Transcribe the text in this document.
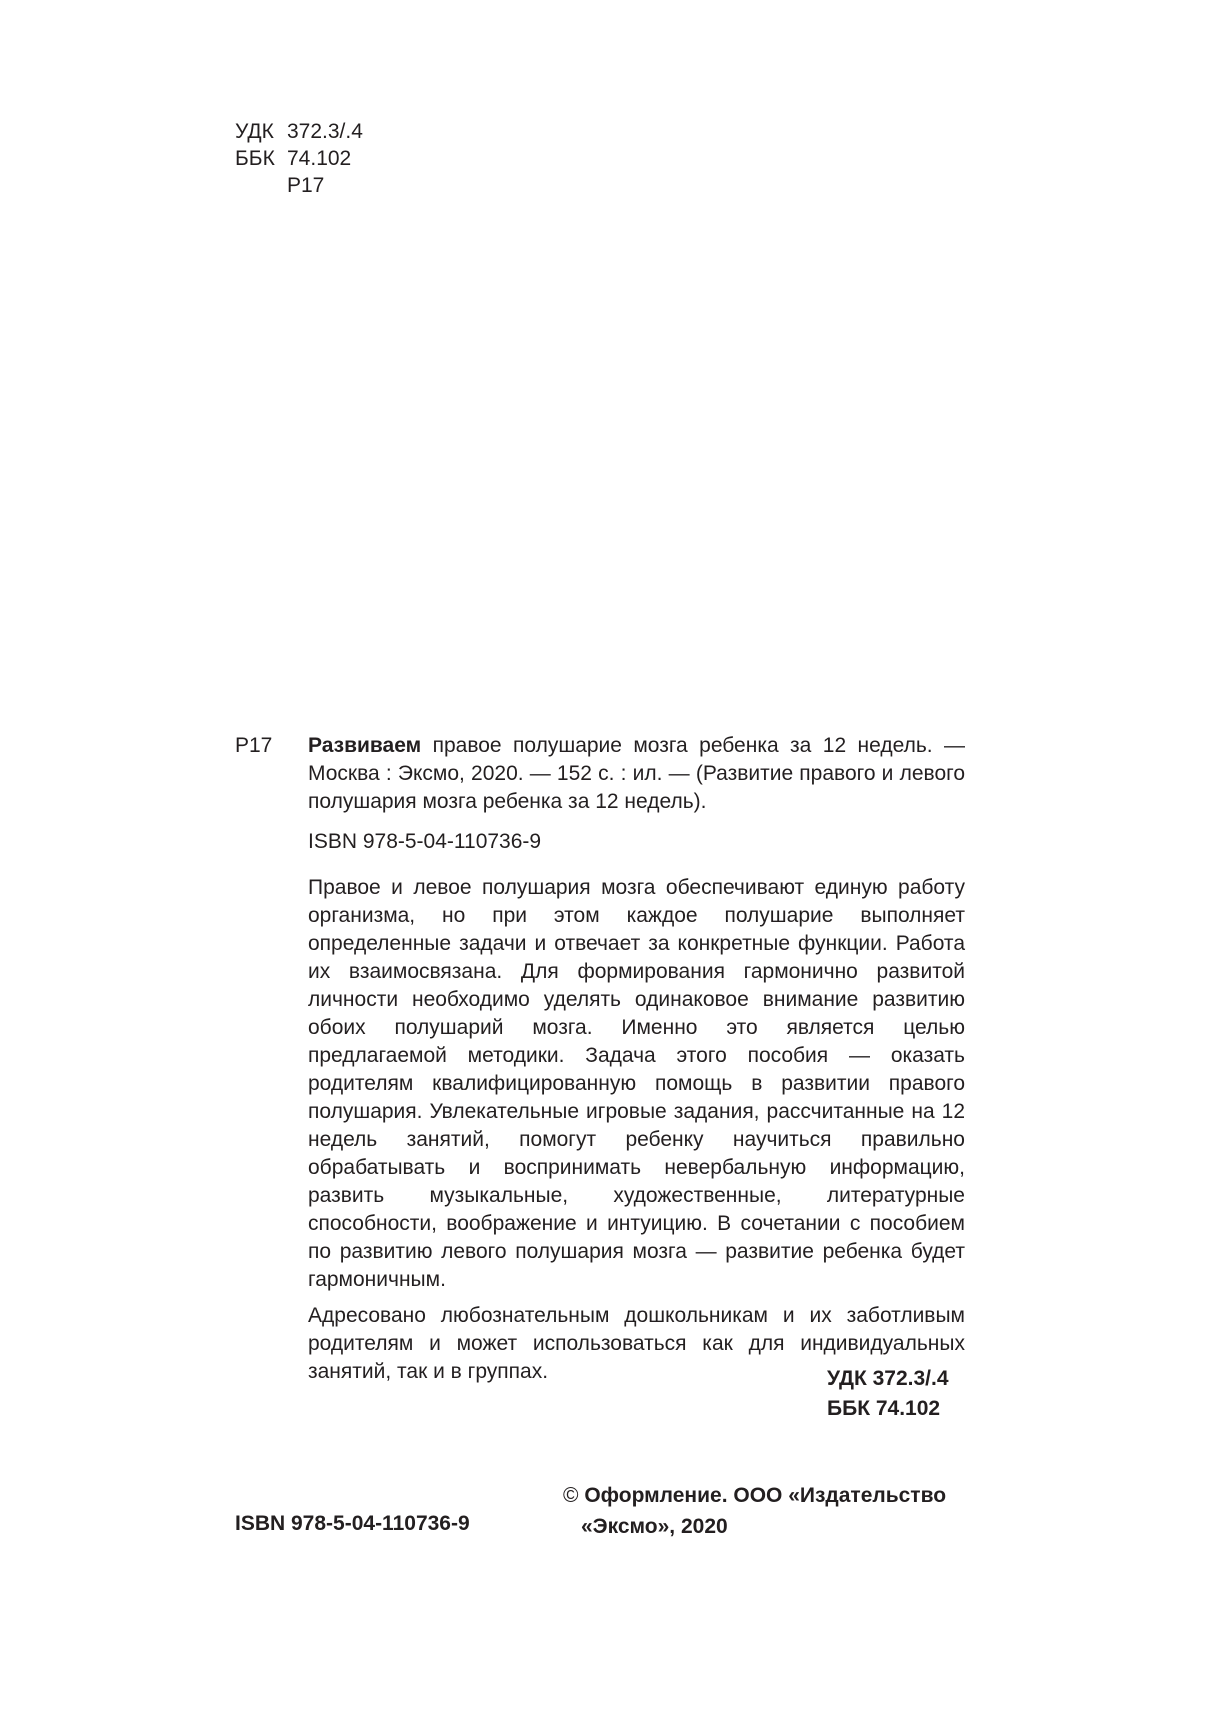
УДК 372.3/.4
ББК 74.102
Р17
Р17 Развиваем правое полушарие мозга ребенка за 12 недель. — Москва : Эксмо, 2020. — 152 с. : ил. — (Развитие правого и левого полушария мозга ребенка за 12 недель).
ISBN 978-5-04-110736-9

Правое и левое полушария мозга обеспечивают единую работу организма, но при этом каждое полушарие выполняет определенные задачи и отвечает за конкретные функции. Работа их взаимосвязана. Для формирования гармонично развитой личности необходимо уделять одинаковое внимание развитию обоих полушарий мозга. Именно это является целью предлагаемой методики. Задача этого пособия — оказать родителям квалифицированную помощь в развитии правого полушария. Увлекательные игровые задания, рассчитанные на 12 недель занятий, помогут ребенку научиться правильно обрабатывать и воспринимать невербальную информацию, развить музыкальные, художественные, литературные способности, воображение и интуицию. В сочетании с пособием по развитию левого полушария мозга — развитие ребенка будет гармоничным.

Адресовано любознательным дошкольникам и их заботливым родителям и может использоваться как для индивидуальных занятий, так и в группах.	УДК 372.3/.4
ББК 74.102
© Оформление. ООО «Издательство
«Эксмо», 2020
ISBN 978-5-04-110736-9
